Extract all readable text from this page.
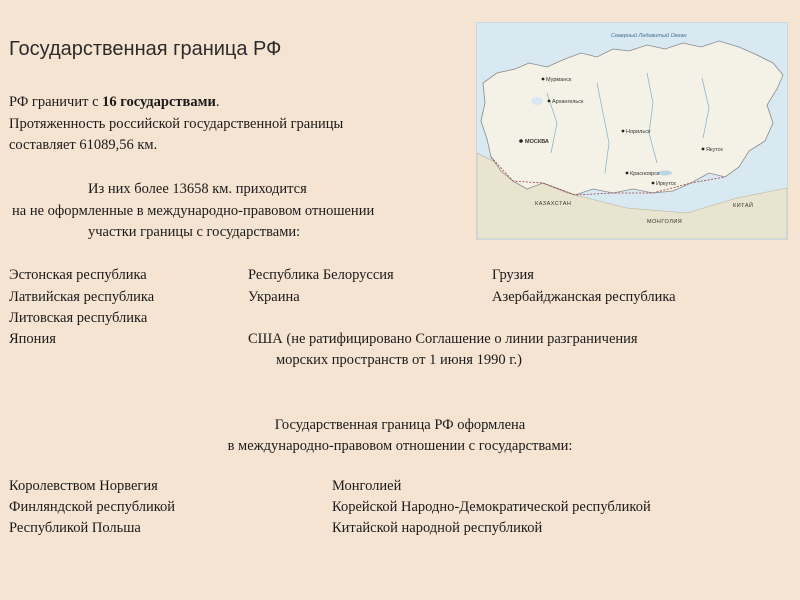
Государственная граница РФ
РФ граничит с 16 государствами.
Протяженность российской государственной границы
составляет 61089,56 км.
Из них более 13658 км. приходится
на не оформленные в международно-правовом отношении
участки границы с государствами:
Эстонская республика
Латвийская республика
Литовская республика
Япония
Республика Белоруссия
Украина
США (не ратифицировано Соглашение о линии разграничения
морских пространств от 1 июня 1990 г.)
Грузия
Азербайджанская республика
Государственная граница РФ оформлена
в международно-правовом отношении с государствами:
Королевством Норвегия
Финляндской республикой
Республикой Польша
Монголией
Корейской Народно-Демократической республикой
Китайской народной республикой
Мурманск
Архангельск
МОСКВА
Норильск
Якутск
Красноярск
Иркутск
КАЗАХСТАН
МОНГОЛИЯ
КИТАЙ
Северный Ледовитый Океан
